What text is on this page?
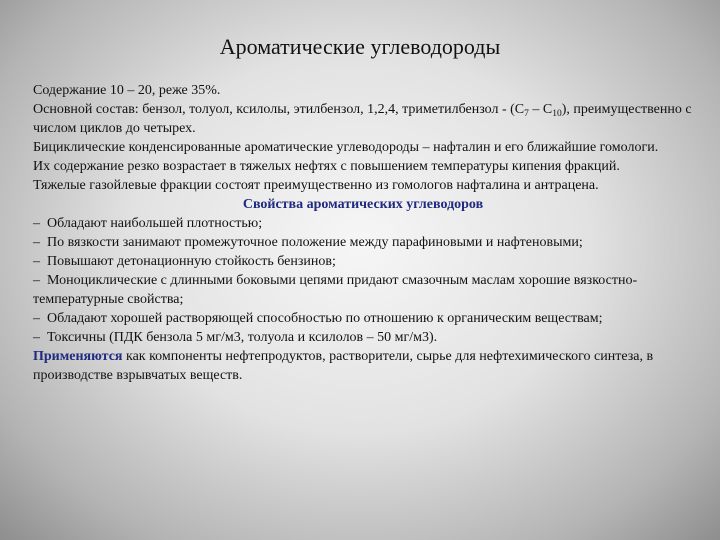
Ароматические углеводороды

Содержание 10 – 20, реже 35%.

Основной состав: бензол, толуол, ксилолы, этилбензол, 1,2,4, триметилбензол - $(С_7 - С_{10})$, преимущественно с числом циклов до четырех.

Бициклические конденсированные ароматические углеводороды – нафталин и его ближайшие гомологи.

Их содержание резко возрастает в тяжелых нефтях с повышением температуры кипения фракций.

Тяжелые газойлевые фракции состоят преимущественно из гомологов нафталина и антрацена.

Свойства ароматических углеводоров

– Обладают наибольшей плотностью;

– По вязкости занимают промежуточное положение между парафиновыми и нафтеновыми;

– Повышают детонационную стойкость бензинов;

– Моноциклические с длинными боковыми цепями придают смазочным маслам хорошие вязкостно-температурные свойства;

– Обладают хорошей растворяющей способностью по отношению к органическим веществам;

– Токсичны (ПДК бензола 5 мг/м3, толуола и ксилолов – 50 мг/м3).

Применяются как компоненты нефтепродуктов, растворители, сырье для нефтехимического синтеза, в производстве взрывчатых веществ.
